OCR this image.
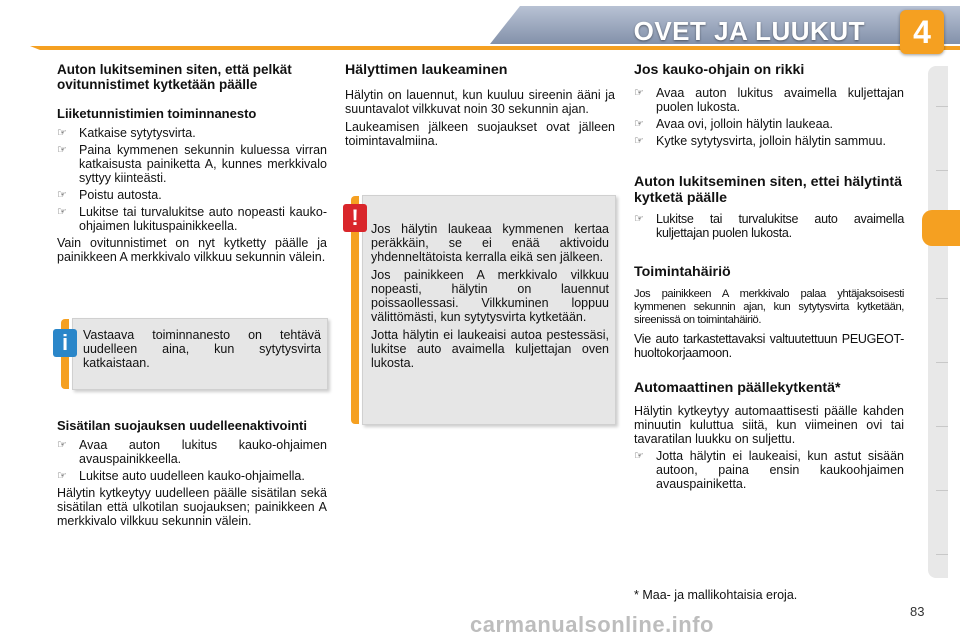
OVET JA LUUKUT	4
Auton lukitseminen siten, että pelkät ovitunnistimet kytketään päälle
Liiketunnistimien toiminnanesto
☞ Katkaise sytytysvirta.
☞ Paina kymmenen sekunnin kuluessa virran katkaisusta painiketta A, kunnes merkkivalo syttyy kiinteästi.
☞ Poistu autosta.
☞ Lukitse tai turvalukitse auto nopeasti kauko-ohjaimen lukituspainikkeella.

Vain ovitunnistimet on nyt kytketty päälle ja painikkeen A merkkivalo vilkkuu sekunnin välein.

i	Vastaava toiminnanesto on tehtävä uudelleen aina, kun sytytysvirta katkaistaan.
Sisätilan suojauksen uudelleenaktivointi
☞ Avaa auton lukitus kauko-ohjaimen avauspainikkeella.
☞ Lukitse auto uudelleen kauko-ohjaimella.

Hälytin kytkeytyy uudelleen päälle sisätilan sekä sisätilan että ulkotilan suojauksen; painikkeen A merkkivalo vilkkuu sekunnin välein.

Hälyttimen laukeaminen

Hälytin on lauennut, kun kuuluu sireenin ääni ja suuntavalot vilkkuvat noin 30 sekunnin ajan.

Laukeamisen jälkeen suojaukset ovat jälleen toimintavalmiina.

! Jos hälytin laukeaa kymmenen kertaa peräkkäin, se ei enää aktivoidu yhdenneltätoista kerralla eikä sen jälkeen.

Jos painikkeen A merkkivalo vilkkuu nopeasti, hälytin on lauennut poissaollessasi. Vilkkuminen loppuu välittömästi, kun sytytysvirta kytketään.

Jotta hälytin ei laukeaisi autoa pestessäsi, lukitse auto avaimella kuljettajan oven lukosta.

Jos kauko-ohjain on rikki
☞ Avaa auton lukitus avaimella kuljettajan puolen lukosta.
☞ Avaa ovi, jolloin hälytin laukeaa.
☞ Kytke sytytysvirta, jolloin hälytin sammuu.
Auton lukitseminen siten, ettei hälytintä kytketä päälle
☞ Lukitse tai turvalukitse auto avaimella kuljettajan puolen lukosta.
Toimintahäiriö

Jos painikkeen A merkkivalo palaa yhtäjaksoisesti kymmenen sekunnin ajan, kun sytytysvirta kytketään, sireenissä on toimintahäiriö.

Vie auto tarkastettavaksi valtuutettuun PEUGEOT-huoltokorjaamoon.

Automaattinen päällekytkentä*

Hälytin kytkeytyy automaattisesti päälle kahden minuutin kuluttua siitä, kun viimeinen ovi tai tavaratilan luukku on suljettu.

☞ Jotta hälytin ei laukeaisi, kun astut sisään autoon, paina ensin kaukoohjaimen avauspainiketta.
* Maa- ja mallikohtaisia eroja.
carmanualsonline.info
83
